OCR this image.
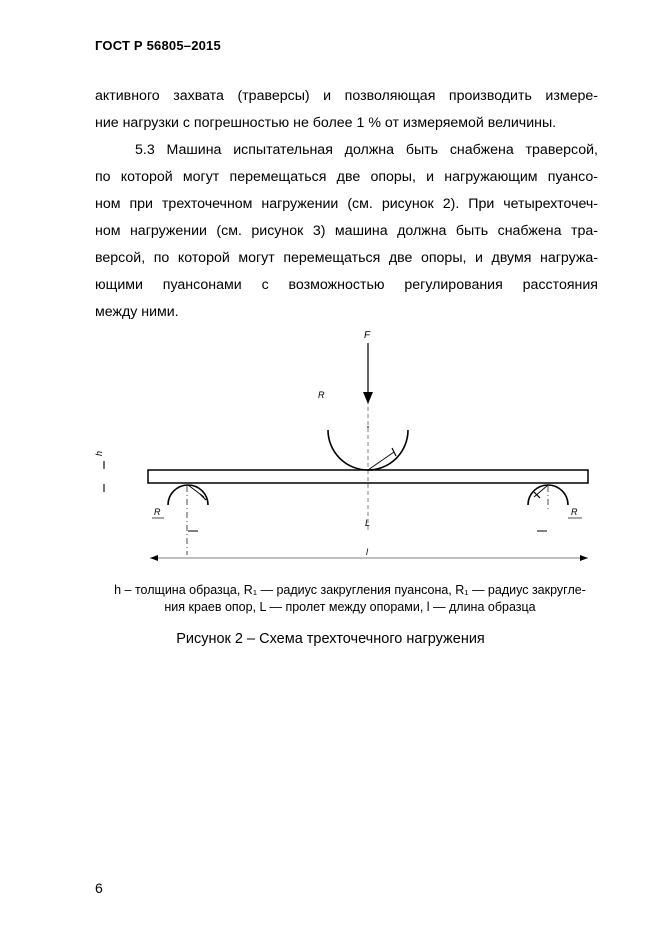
ГОСТ Р 56805–2015
активного захвата (траверсы) и позволяющая производить измере-
ние нагрузки с погрешностью не более 1 % от измеряемой величины.
5.3 Машина испытательная должна быть снабжена траверсой,
по которой могут перемещаться две опоры, и нагружающим пуансо-
ном при трехточечном нагружении (см. рисунок 2). При четырехточеч-
ном нагружении (см. рисунок 3) машина должна быть снабжена тра-
версой, по которой могут перемещаться две опоры, и двумя нагружа-
ющими пуансонами с возможностью регулирования расстояния
между ними.
F
R
h
R	R
L
l
h – толщина образца, R₁ — радиус закругления пуансона, R₁ — радиус закругле-
ния краев опор, L — пролет между опорами, l — длина образца
Рисунок 2 – Схема трехточечного нагружения
6
